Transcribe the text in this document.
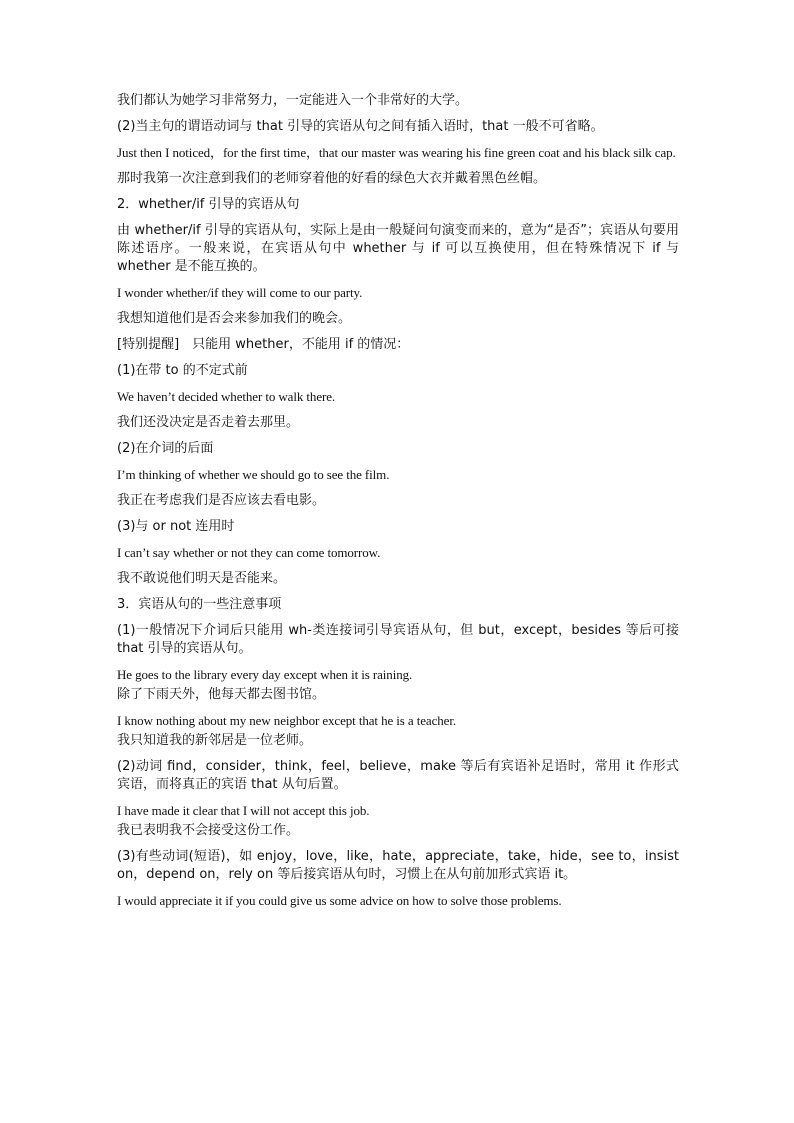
我们都认为她学习非常努力，一定能进入一个非常好的大学。
(2)当主句的谓语动词与 that 引导的宾语从句之间有插入语时，that 一般不可省略。
Just then I noticed，for the first time，that our master was wearing his fine green coat and his black silk cap.
那时我第一次注意到我们的老师穿着他的好看的绿色大衣并戴着黑色丝帽。
2．whether/if 引导的宾语从句
由 whether/if 引导的宾语从句，实际上是由一般疑问句演变而来的，意为“是否”；宾语从句要用陈述语序。一般来说，在宾语从句中 whether 与 if 可以互换使用，但在特殊情况下 if 与 whether 是不能互换的。
I wonder whether/if they will come to our party.
我想知道他们是否会来参加我们的晚会。
[特别提醒]　只能用 whether，不能用 if 的情况：
(1)在带 to 的不定式前
We haven’t decided whether to walk there.
我们还没决定是否走着去那里。
(2)在介词的后面
I’m thinking of whether we should go to see the film.
我正在考虑我们是否应该去看电影。
(3)与 or not 连用时
I can’t say whether or not they can come tomorrow.
我不敢说他们明天是否能来。
3．宾语从句的一些注意事项
(1)一般情况下介词后只能用 wh-类连接词引导宾语从句，但 but，except，besides 等后可接 that 引导的宾语从句。
He goes to the library every day except when it is raining.
除了下雨天外，他每天都去图书馆。
I know nothing about my new neighbor except that he is a teacher.
我只知道我的新邻居是一位老师。
(2)动词 find，consider，think，feel，believe，make 等后有宾语补足语时，常用 it 作形式宾语，而将真正的宾语 that 从句后置。
I have made it clear that I will not accept this job.
我已表明我不会接受这份工作。
(3)有些动词(短语)，如 enjoy，love，like，hate，appreciate，take，hide，see to，insist on，depend on，rely on 等后接宾语从句时，习惯上在从句前加形式宾语 it。
I would appreciate it if you could give us some advice on how to solve those problems.
